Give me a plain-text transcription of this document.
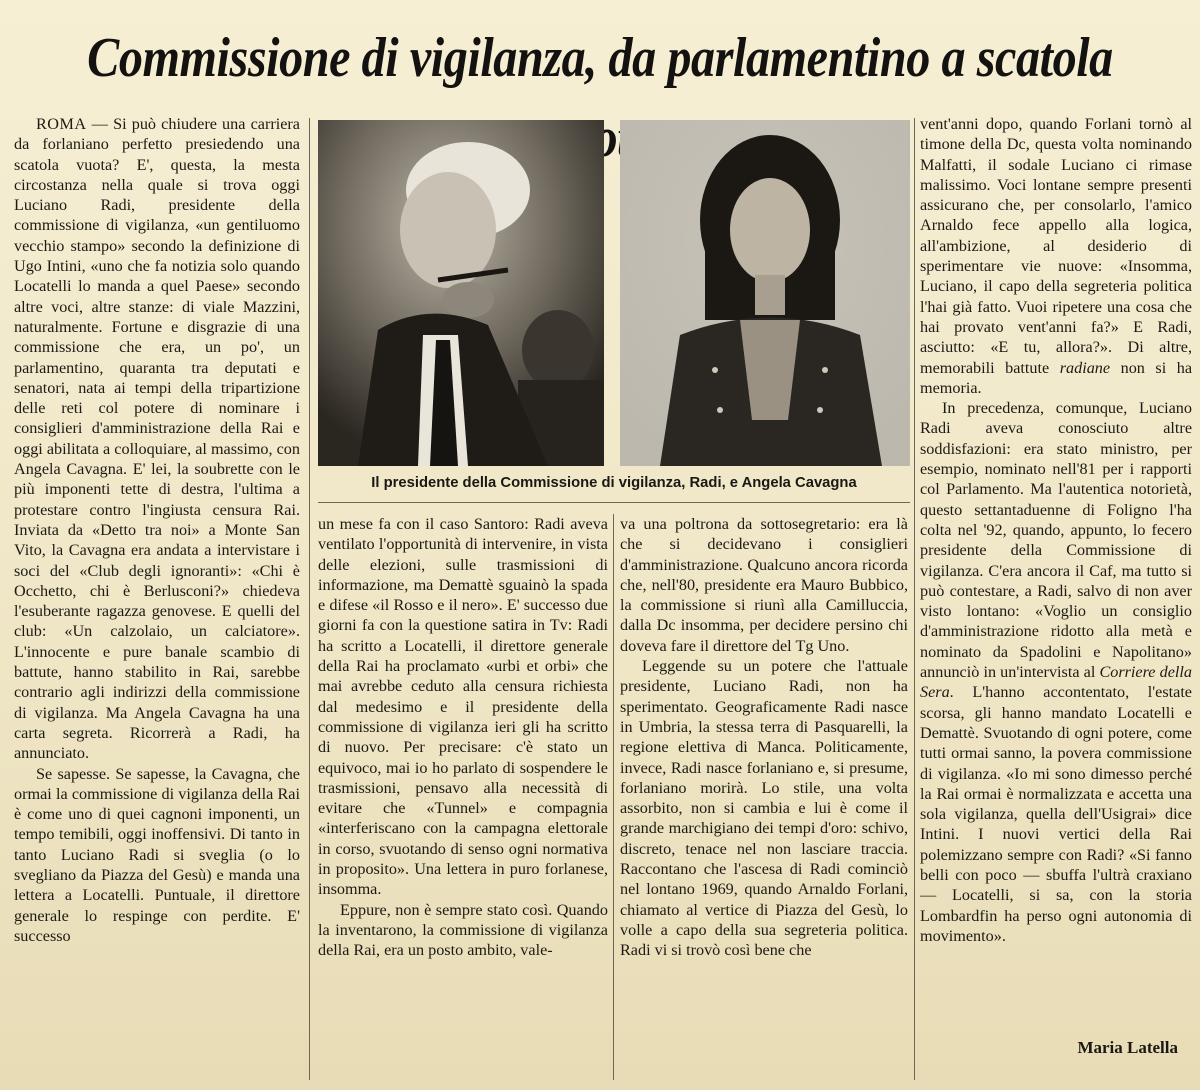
Commissione di vigilanza, da parlamentino a scatola

ROMA — Si può chiudere una carriera da forlaniano perfetto presiedendo una scatola vuota? E', questa, la mesta circostanza nella quale si trova oggi Luciano Radi, presidente della commissione di vigilanza, «un gentiluomo vecchio stampo» secondo la definizione di Ugo Intini, «uno che fa notizia solo quando Locatelli lo manda a quel Paese» secondo altre voci, altre stanze: di viale Mazzini, naturalmente. Fortune e disgrazie di una commissione che era, un po', un parlamentino, quaranta tra deputati e senatori, nata ai tempi della tripartizione delle reti col potere di nominare i consiglieri d'amministrazione della Rai e oggi abilitata a colloquiare, al massimo, con Angela Cavagna. E' lei, la soubrette con le più imponenti tette di destra, l'ultima a protestare contro l'ingiusta censura Rai. Inviata da «Detto tra noi» a Monte San Vito, la Cavagna era andata a intervistare i soci del «Club degli ignoranti»: «Chi è Occhetto, chi è Berlusconi?» chiedeva l'esuberante ragazza genovese. E quelli del club: «Un calzolaio, un calciatore». L'innocente e pure banale scambio di battute, hanno stabilito in Rai, sarebbe contrario agli indirizzi della commissione di vigilanza. Ma Angela Cavagna ha una carta segreta. Ricorrerà a Radi, ha annunciato.

Se sapesse. Se sapesse, la Cavagna, che ormai la commissione di vigilanza della Rai è come uno di quei cagnoni imponenti, un tempo temibili, oggi inoffensivi. Di tanto in tanto Luciano Radi si sveglia (o lo svegliano da Piazza del Gesù) e manda una lettera a Locatelli. Puntuale, il direttore generale lo respinge con perdite. E' successo

Il presidente della Commissione di vigilanza, Radi, e Angela Cavagna

un mese fa con il caso Santoro: Radi aveva ventilato l'opportunità di intervenire, in vista delle elezioni, sulle trasmissioni di informazione, ma Demattè sguainò la spada e difese «il Rosso e il nero». E' successo due giorni fa con la questione satira in Tv: Radi ha scritto a Locatelli, il direttore generale della Rai ha proclamato «urbi et orbi» che mai avrebbe ceduto alla censura richiesta dal medesimo e il presidente della commissione di vigilanza ieri gli ha scritto di nuovo. Per precisare: c'è stato un equivoco, mai io ho parlato di sospendere le trasmissioni, pensavo alla necessità di evitare che «Tunnel» e compagnia «interferiscano con la campagna elettorale in corso, svuotando di senso ogni normativa in proposito». Una lettera in puro forlanese, insomma.

Eppure, non è sempre stato così. Quando la inventarono, la commissione di vigilanza della Rai, era un posto ambito, vale-

va una poltrona da sottosegretario: era là che si decidevano i consiglieri d'amministrazione. Qualcuno ancora ricorda che, nell'80, presidente era Mauro Bubbico, la commissione si riunì alla Camilluccia, dalla Dc insomma, per decidere persino chi doveva fare il direttore del Tg Uno.

Leggende su un potere che l'attuale presidente, Luciano Radi, non ha sperimentato. Geograficamente Radi nasce in Umbria, la stessa terra di Pasquarelli, la regione elettiva di Manca. Politicamente, invece, Radi nasce forlaniano e, si presume, forlaniano morirà. Lo stile, una volta assorbito, non si cambia e lui è come il grande marchigiano dei tempi d'oro: schivo, discreto, tenace nel non lasciare traccia. Raccontano che l'ascesa di Radi cominciò nel lontano 1969, quando Arnaldo Forlani, chiamato al vertice di Piazza del Gesù, lo volle a capo della sua segreteria politica. Radi vi si trovò così bene che

vent'anni dopo, quando Forlani tornò al timone della Dc, questa volta nominando Malfatti, il sodale Luciano ci rimase malissimo. Voci lontane sempre presenti assicurano che, per consolarlo, l'amico Arnaldo fece appello alla logica, all'ambizione, al desiderio di sperimentare vie nuove: «Insomma, Luciano, il capo della segreteria politica l'hai già fatto. Vuoi ripetere una cosa che hai provato vent'anni fa?» E Radi, asciutto: «E tu, allora?». Di altre, memorabili battute radiane non si ha memoria.

In precedenza, comunque, Luciano Radi aveva conosciuto altre soddisfazioni: era stato ministro, per esempio, nominato nell'81 per i rapporti col Parlamento. Ma l'autentica notorietà, questo settantaduenne di Foligno l'ha colta nel '92, quando, appunto, lo fecero presidente della Commissione di vigilanza. C'era ancora il Caf, ma tutto si può contestare, a Radi, salvo di non aver visto lontano: «Voglio un consiglio d'amministrazione ridotto alla metà e nominato da Spadolini e Napolitano» annunciò in un'intervista al Corriere della Sera. L'hanno accontentato, l'estate scorsa, gli hanno mandato Locatelli e Demattè. Svuotando di ogni potere, come tutti ormai sanno, la povera commissione di vigilanza. «Io mi sono dimesso perché la Rai ormai è normalizzata e accetta una sola vigilanza, quella dell'Usigrai» dice Intini. I nuovi vertici della Rai polemizzano sempre con Radi? «Si fanno belli con poco — sbuffa l'ultrà craxiano — Locatelli, si sa, con la storia Lombardfin ha perso ogni autonomia di movimento».

Maria Latella
